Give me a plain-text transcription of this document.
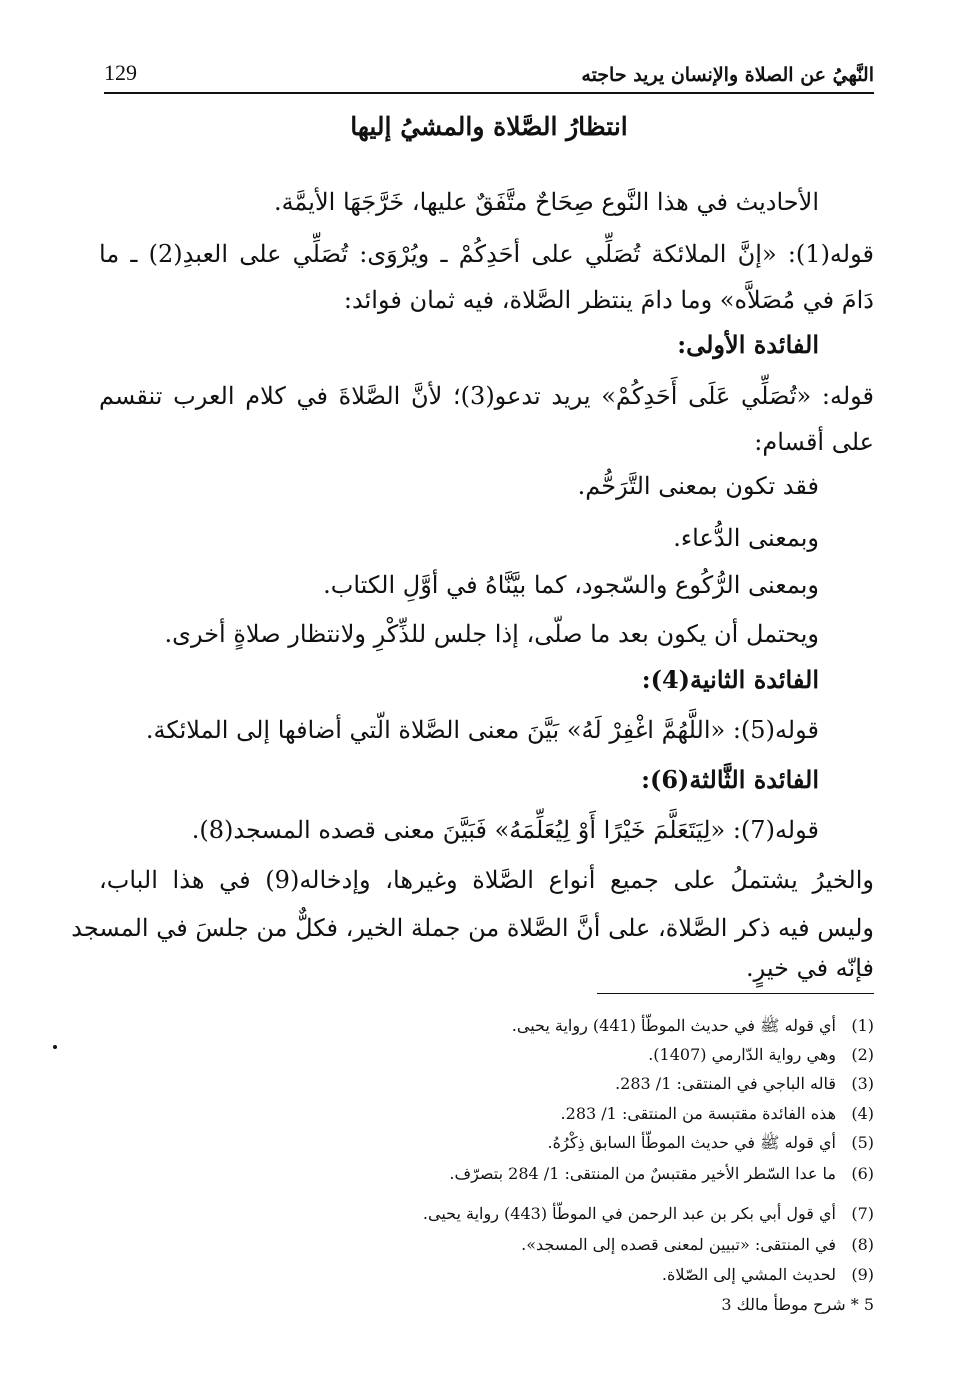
النَّهيُ عن الصلاة والإنسان يريد حاجته
129
انتظارُ الصَّلاة والمشيُ إليها
الأحاديث في هذا النَّوع صِحَاحٌ متَّفَقٌ عليها، خَرَّجَهَا الأيمَّة.
قوله(1): «إنَّ الملائكة تُصَلِّي على أحَدِكُمْ ـ ويُرْوَى: تُصَلِّي على العبدِ(2) ـ ما
دَامَ في مُصَلاَّه» وما دامَ ينتظر الصَّلاة، فيه ثمان فوائد:
الفائدة الأولى:
قوله: «تُصَلِّي عَلَى أَحَدِكُمْ» يريد تدعو(3)؛ لأنَّ الصَّلاةَ في كلام العرب تنقسم
على أقسام:
فقد تكون بمعنى التَّرَحُّم.
وبمعنى الدُّعاء.
وبمعنى الرُّكُوع والسّجود، كما بيَّنَّاهُ في أوَّلِ الكتاب.
ويحتمل أن يكون بعد ما صلّى، إذا جلس للذِّكْرِ ولانتظار صلاةٍ أخرى.
الفائدة الثانية(4):
قوله(5): «اللَّهُمَّ اغْفِرْ لَهُ» بَيَّنَ معنى الصَّلاة الّتي أضافها إلى الملائكة.
الفائدة الثَّالثة(6):
قوله(7): «لِيَتَعَلَّمَ خَيْرًا أَوْ لِيُعَلِّمَهُ» فَبَيَّنَ معنى قصده المسجد(8).
والخيرُ يشتملُ على جميع أنواع الصَّلاة وغيرها، وإدخاله(9) في هذا الباب،
وليس فيه ذكر الصَّلاة، على أنَّ الصَّلاة من جملة الخير، فكلٌّ من جلسَ في المسجد
فإنّه في خيرٍ.
(1)أي قوله ﷺ في حديث الموطّأ (441) رواية يحيى.
(2)وهي رواية الدّارمي (1407).
(3)قاله الباجي في المنتقى: 1/ 283.
(4)هذه الفائدة مقتبسة من المنتقى: 1/ 283.
(5)أي قوله ﷺ في حديث الموطّأ السابق ذِكْرُهُ.
(6)ما عدا السّطر الأخير مقتبسٌ من المنتقى: 1/ 284 بتصرّف.
(7)أي قول أبي بكر بن عبد الرحمن في الموطّأ (443) رواية يحيى.
(8)في المنتقى: «تبيين لمعنى قصده إلى المسجد».
(9)لحديث المشي إلى الصّلاة.
5 * شرح موطأ مالك 3
